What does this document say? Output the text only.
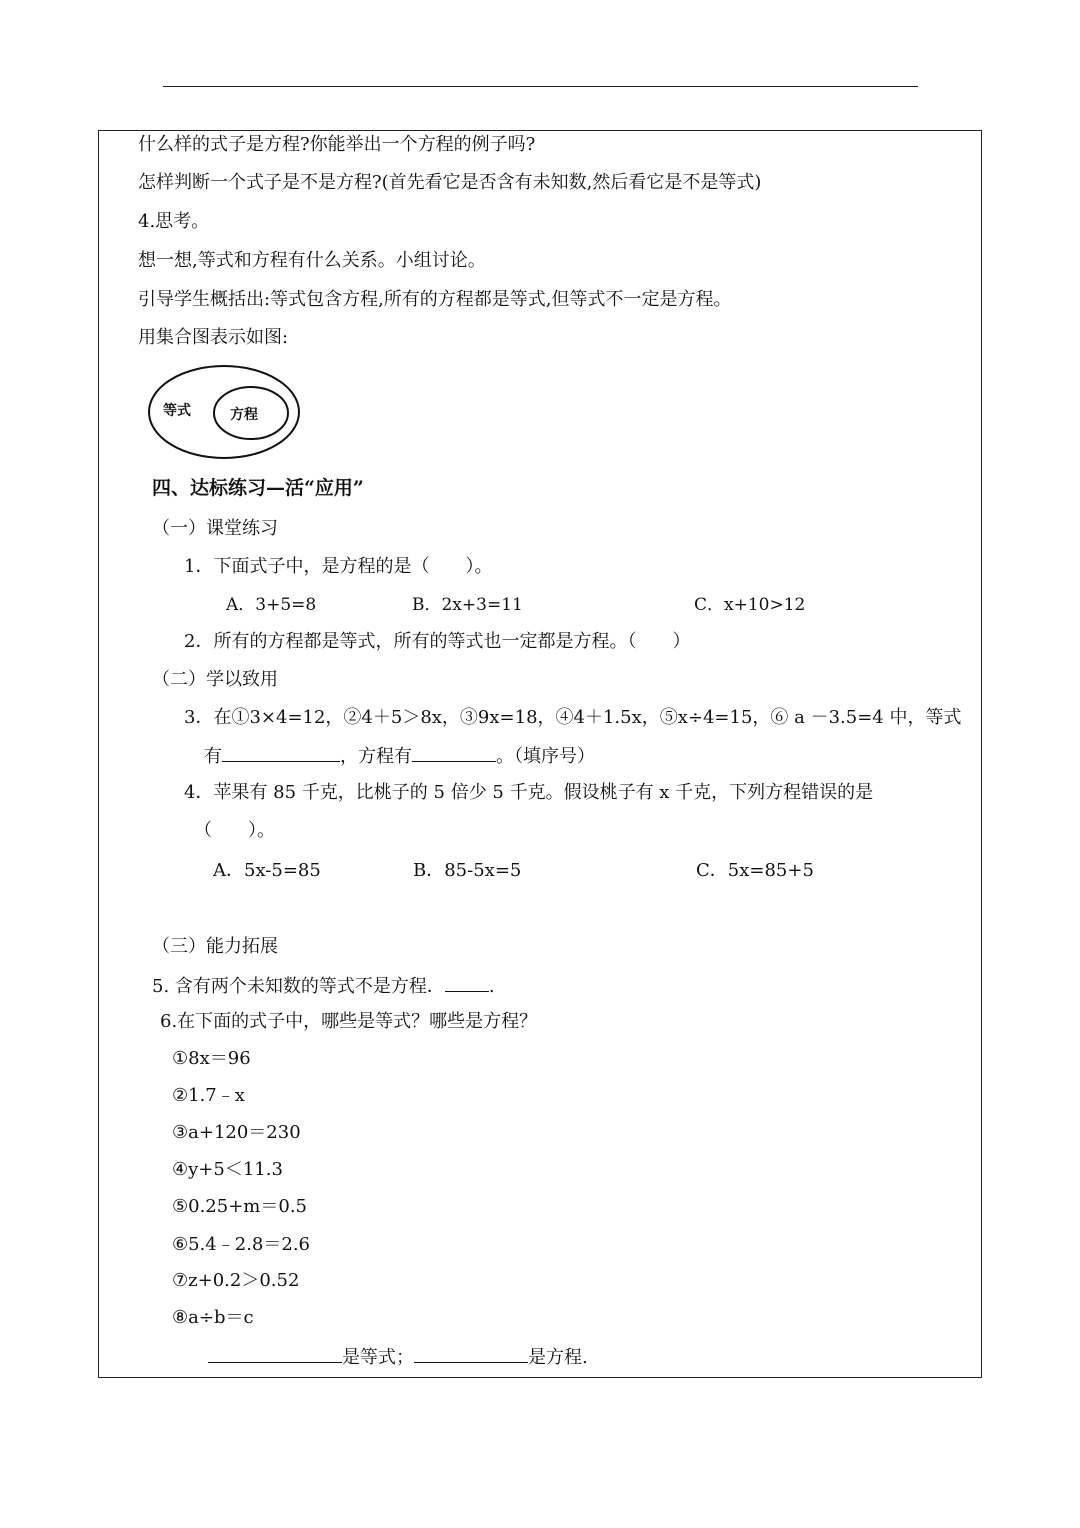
什么样的式子是方程?你能举出一个方程的例子吗?
怎样判断一个式子是不是方程?(首先看它是否含有未知数,然后看它是不是等式)
4.思考。
想一想,等式和方程有什么关系。小组讨论。
引导学生概括出:等式包含方程,所有的方程都是等式,但等式不一定是方程。
用集合图表示如图:
等式	方程
四、达标练习—活“应用”
（一）课堂练习
1．下面式子中，是方程的是（　　）。
A．3+5=8	B．2x+3=11	C．x+10>12
2．所有的方程都是等式，所有的等式也一定都是方程。（　　）
（二）学以致用
3．在①3×4=12，②4＋5＞8x，③9x=18，④4＋1.5x，⑤x÷4=15，⑥ a －3.5=4 中，等式
有	，方程有	。（填序号）
4．苹果有 85 千克，比桃子的 5 倍少 5 千克。假设桃子有 x 千克，下列方程错误的是
（　　）。
A．5x-5=85	B．85-5x=5	C．5x=85+5
（三）能力拓展
5. 含有两个未知数的等式不是方程． .
6.在下面的式子中，哪些是等式？哪些是方程？
①8x＝96
②1.7﹣x
③a+120＝230
④y+5＜11.3
⑤0.25+m＝0.5
⑥5.4﹣2.8＝2.6
⑦z+0.2＞0.52
⑧a÷b＝c
是等式；	是方程.
